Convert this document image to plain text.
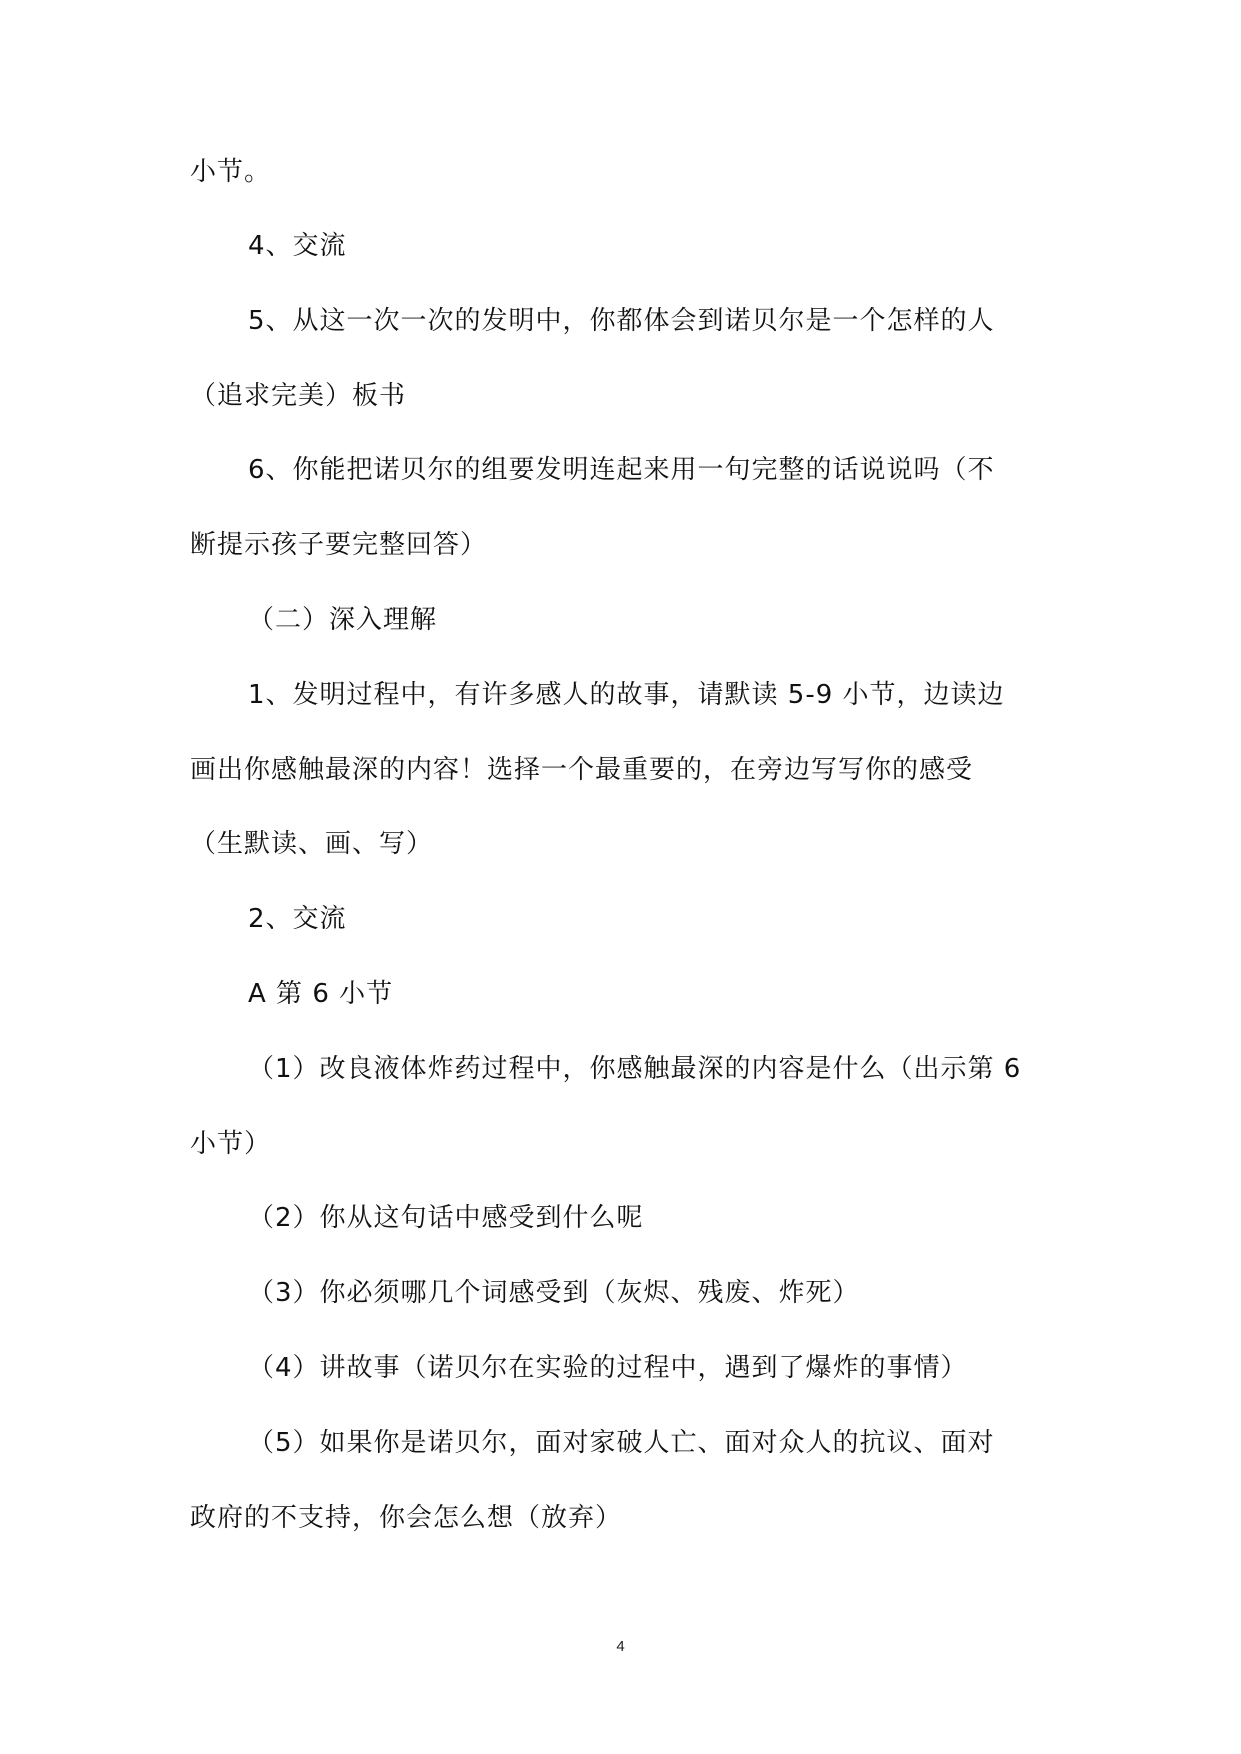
小节。
4、交流
5、从这一次一次的发明中，你都体会到诺贝尔是一个怎样的人
（追求完美）板书
6、你能把诺贝尔的组要发明连起来用一句完整的话说说吗（不
断提示孩子要完整回答）
（二）深入理解
1、发明过程中，有许多感人的故事，请默读 5-9 小节，边读边
画出你感触最深的内容！选择一个最重要的，在旁边写写你的感受
（生默读、画、写）
2、交流
A 第 6 小节
（1）改良液体炸药过程中，你感触最深的内容是什么（出示第 6
小节）
（2）你从这句话中感受到什么呢
（3）你必须哪几个词感受到（灰烬、残废、炸死）
（4）讲故事（诺贝尔在实验的过程中，遇到了爆炸的事情）
（5）如果你是诺贝尔，面对家破人亡、面对众人的抗议、面对
政府的不支持，你会怎么想（放弃）
4
